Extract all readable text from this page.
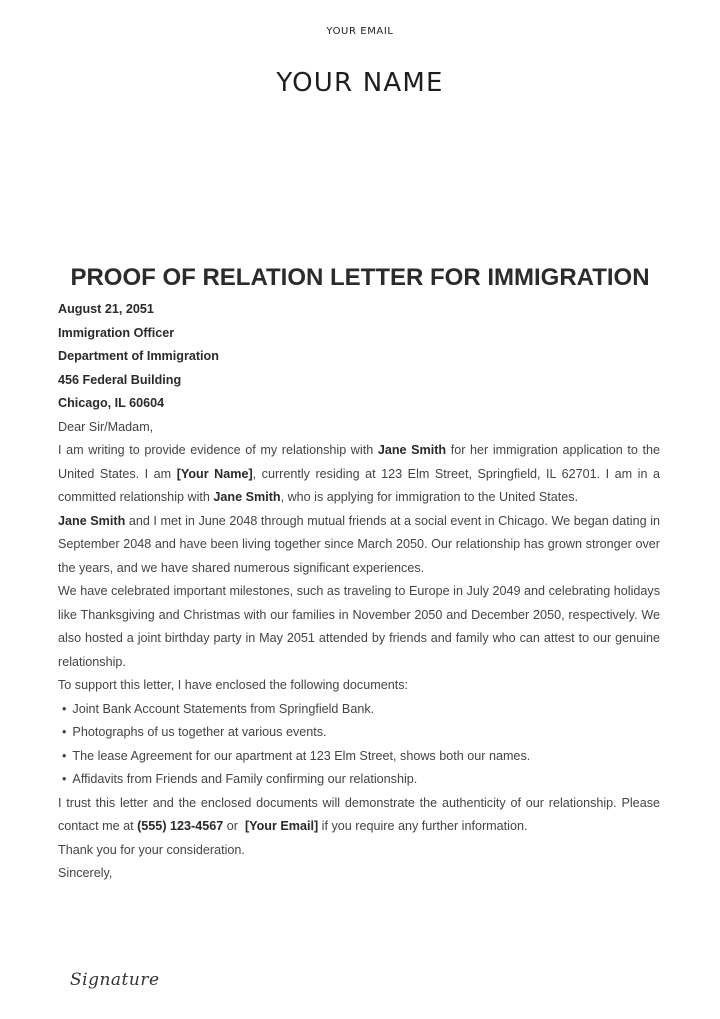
YOUR EMAIL
YOUR NAME
PROOF OF RELATION LETTER FOR IMMIGRATION

August 21, 2051

Immigration Officer

Department of Immigration

456 Federal Building

Chicago, IL 60604

Dear Sir/Madam,

I am writing to provide evidence of my relationship with Jane Smith for her immigration application to the United States. I am [Your Name], currently residing at 123 Elm Street, Springfield, IL 62701. I am in a committed relationship with Jane Smith, who is applying for immigration to the United States.

Jane Smith and I met in June 2048 through mutual friends at a social event in Chicago. We began dating in September 2048 and have been living together since March 2050. Our relationship has grown stronger over the years, and we have shared numerous significant experiences.

We have celebrated important milestones, such as traveling to Europe in July 2049 and celebrating holidays like Thanksgiving and Christmas with our families in November 2050 and December 2050, respectively. We also hosted a joint birthday party in May 2051 attended by friends and family who can attest to our genuine relationship.

To support this letter, I have enclosed the following documents:

• Joint Bank Account Statements from Springfield Bank.
• Photographs of us together at various events.
• The lease Agreement for our apartment at 123 Elm Street, shows both our names.
• Affidavits from Friends and Family confirming our relationship.

I trust this letter and the enclosed documents will demonstrate the authenticity of our relationship. Please contact me at (555) 123-4567 or  [Your Email] if you require any further information.

Thank you for your consideration.

Sincerely,

Signature
